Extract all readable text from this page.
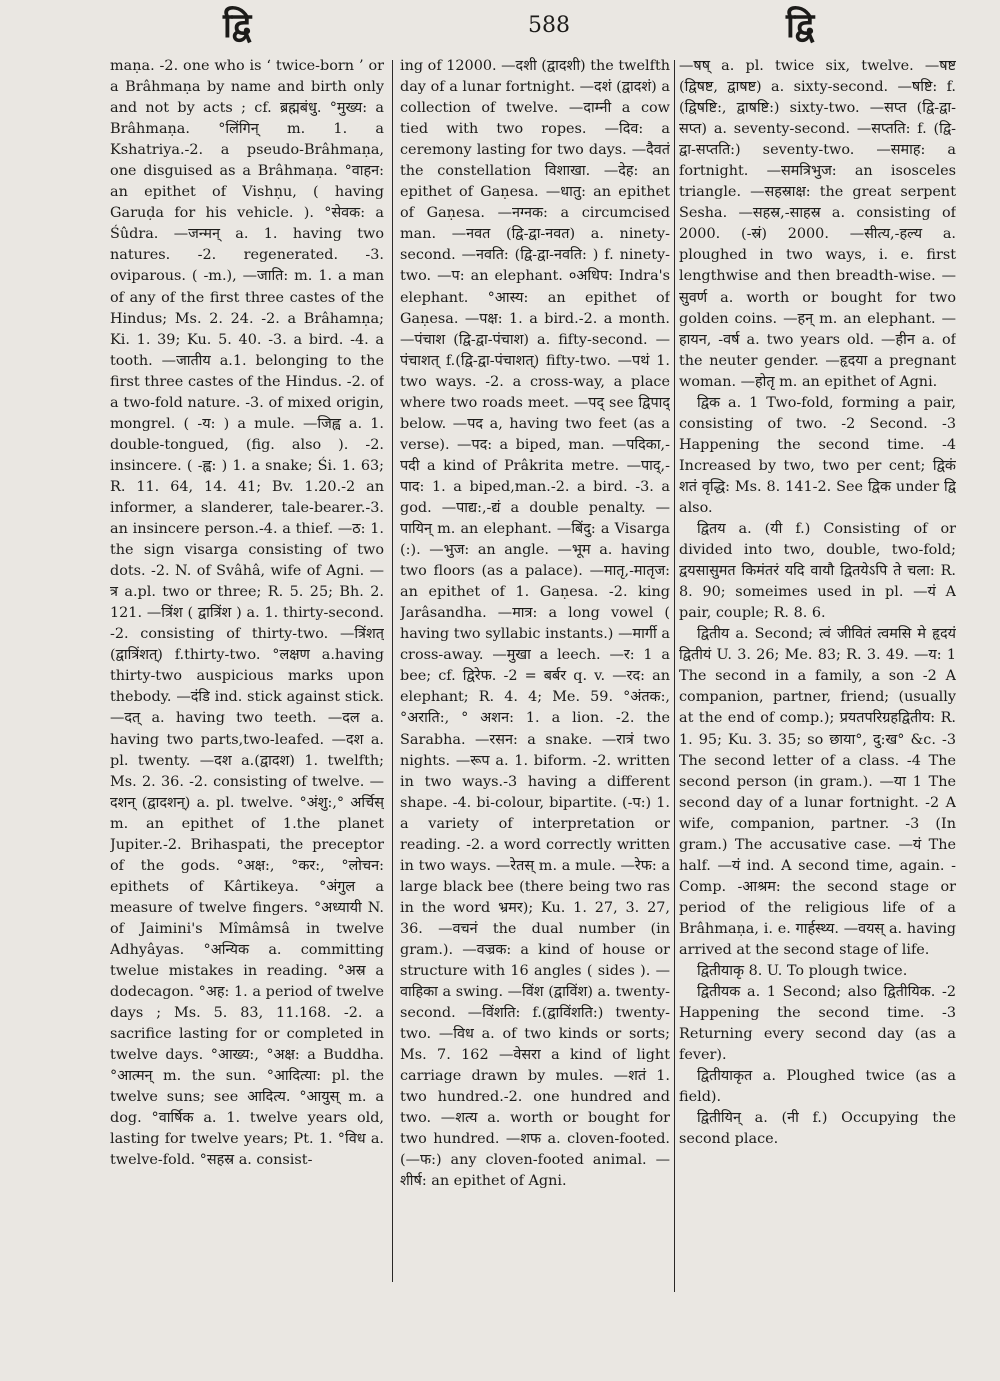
द्वि	588	द्वि

maṇa. -2. one who is ‘ twice-born ’ or a Brâhmaṇa by name and birth only and not by acts ; cf. ब्रह्मबंधु. °मुख्य: a Brâhmaṇa. °लिंगिन् m. 1. a Kshatriya.-2. a pseudo-Brâhmaṇa, one disguised as a Brâhmaṇa. °वाहन: an epithet of Vishṇu, ( having Garuḍa for his vehicle. ). °सेवक: a Śûdra. —जन्मन् a. 1. having two natures. -2. regenerated. -3. oviparous. ( -m.), —जाति: m. 1. a man of any of the first three castes of the Hindus; Ms. 2. 24. -2. a Brâhamṇa; Ki. 1. 39; Ku. 5. 40. -3. a bird. -4. a tooth. —जातीय a.1. belonging to the first three castes of the Hindus. -2. of a two-fold nature. -3. of mixed origin, mongrel. ( -य: ) a mule. —जिह्व a. 1. double-tongued, (fig. also ). -2. insincere. ( -ह्व: ) 1. a snake; Śi. 1. 63; R. 11. 64, 14. 41; Bv. 1.20.-2 an informer, a slanderer, tale-bearer.-3. an insincere person.-4. a thief. —ठ: 1. the sign visarga consisting of two dots. -2. N. of Svâhâ, wife of Agni. —त्र a.pl. two or three; R. 5. 25; Bh. 2. 121. —त्रिंश ( द्वात्रिंश ) a. 1. thirty-second. -2. consisting of thirty-two. —त्रिंशत् (द्वात्रिंशत्) f.thirty-two. °लक्षण a.having thirty-two auspicious marks upon thebody. —दंडि ind. stick against stick. —दत् a. having two teeth. —दल a. having two parts,two-leafed. —दश a. pl. twenty. —दश a.(द्वादश) 1. twelfth; Ms. 2. 36. -2. consisting of twelve. —दशन् (द्वादशन्) a. pl. twelve. °अंशु:,° अर्चिस् m. an epithet of 1.the planet Jupiter.-2. Brihaspati, the preceptor of the gods. °अक्ष:, °कर:, °लोचन: epithets of Kârtikeya. °अंगुल a measure of twelve fingers. °अध्यायी N. of Jaimini's Mîmâmsâ in twelve Adhyâyas. °अन्यिक a. committing twelue mistakes in reading. °अस्र a dodecagon. °अह: 1. a period of twelve days ; Ms. 5. 83, 11.168. -2. a sacrifice lasting for or completed in twelve days. °आख्य:, °अक्ष: a Buddha. °आत्मन् m. the sun. °आदित्या: pl. the twelve suns; see आदित्य. °आयुस् m. a dog. °वार्षिक a. 1. twelve years old, lasting for twelve years; Pt. 1. °विध a. twelve-fold. °सहस्र a. consist-

ing of 12000. —दशी (द्वादशी) the twelfth day of a lunar fortnight. —दशं (द्वादशं) a collection of twelve. —दाम्नी a cow tied with two ropes. —दिव: a ceremony lasting for two days. —दैवतं the constellation विशाखा. —देह: an epithet of Gaṇesa. —धातु: an epithet of Gaṇesa. —नग्नक: a circumcised man. —नवत (द्वि-द्वा-नवत) a. ninety-second. —नवति: (द्वि-द्वा-नवति: ) f. ninety-two. —प: an elephant. ०अधिप: Indra's elephant. °आस्य: an epithet of Gaṇesa. —पक्ष: 1. a bird.-2. a month. —पंचाश (द्वि-द्वा-पंचाश) a. fifty-second. —पंचाशत् f.(द्वि-द्वा-पंचाशत्) fifty-two. —पथं 1. two ways. -2. a cross-way, a place where two roads meet. —पद् see द्विपाद् below. —पद a, having two feet (as a verse). —पद: a biped, man. —पदिका,-पदी a kind of Prâkrita metre. —पाद्,-पाद: 1. a biped,man.-2. a bird. -3. a god. —पाद्य:,-द्यं a double penalty. —पायिन् m. an elephant. —बिंदु: a Visarga (:). —भुज: an angle. —भूम a. having two floors (as a palace). —मातृ,-मातृज: an epithet of 1. Gaṇesa. -2. king Jarâsandha. —मात्र: a long vowel ( having two syllabic instants.) —मार्गी a cross-away. —मुखा a leech. —र: 1 a bee; cf. द्विरेफ. -2 = बर्बर q. v. —रद: an elephant; R. 4. 4; Me. 59. °अंतक:, °अराति:, ° अशन: 1. a lion. -2. the Sarabha. —रसन: a snake. —रात्रं two nights. —रूप a. 1. biform. -2. written in two ways.-3 having a different shape. -4. bi-colour, bipartite. (-प:) 1. a variety of interpretation or reading. -2. a word correctly written in two ways. —रेतस् m. a mule. —रेफ: a large black bee (there being two ras in the word भ्रमर); Ku. 1. 27, 3. 27, 36. —वचनं the dual number (in gram.). —वज्रक: a kind of house or structure with 16 angles ( sides ). —वाहिका a swing. —विंश (द्वाविंश) a. twenty-second. —विंशति: f.(द्वाविंशति:) twenty-two. —विध a. of two kinds or sorts; Ms. 7. 162 —वेसरा a kind of light carriage drawn by mules. —शतं 1. two hundred.-2. one hundred and two. —शत्य a. worth or bought for two hundred. —शफ a. cloven-footed. (—फ:) any cloven-footed animal. —शीर्ष: an epithet of Agni.

—षष् a. pl. twice six, twelve. —षष्ट (द्विषष्ट, द्वाषष्ट) a. sixty-second. —षष्टि: f. (द्विषष्टि:, द्वाषष्टि:) sixty-two. —सप्त (द्वि-द्वा-सप्त) a. seventy-second. —सप्तति: f. (द्वि-द्वा-सप्तति:) seventy-two. —समाह: a fortnight. —समत्रिभुज: an isosceles triangle. —सहस्राक्ष: the great serpent Sesha. —सहस्र,-साहस्र a. consisting of 2000. (-स्रं) 2000. —सीत्य,-हल्य a. ploughed in two ways, i. e. first lengthwise and then breadth-wise. —सुवर्ण a. worth or bought for two golden coins. —हन् m. an elephant. —हायन, -वर्ष a. two years old. —हीन a. of the neuter gender. —हृदया a pregnant woman. —होतृ m. an epithet of Agni.

द्विक a. 1 Two-fold, forming a pair, consisting of two. -2 Second. -3 Happening the second time. -4 Increased by two, two per cent; द्विकं शतं वृद्धि: Ms. 8. 141-2. See द्विक under द्वि also.

द्वितय a. (यी f.) Consisting of or divided into two, double, two-fold; द्वयसासुमत किमंतरं यदि वायौ द्वितयेऽपि ते चला: R. 8. 90; someimes used in pl. —यं A pair, couple; R. 8. 6.

द्वितीय a. Second; त्वं जीवितं त्वमसि मे हृदयं द्वितीयं U. 3. 26; Me. 83; R. 3. 49. —य: 1 The second in a family, a son -2 A companion, partner, friend; (usually at the end of comp.); प्रयतपरिग्रहद्वितीय: R. 1. 95; Ku. 3. 35; so छाया°, दु:ख° &c. -3 The second letter of a class. -4 The second person (in gram.). —या 1 The second day of a lunar fortnight. -2 A wife, companion, partner. -3 (In gram.) The accusative case. —यं The half. —यं ind. A second time, again. -Comp. -आश्रम: the second stage or period of the religious life of a Brâhmaṇa, i. e. गार्हस्थ्य. —वयस् a. having arrived at the second stage of life.

द्वितीयाकृ 8. U. To plough twice.

द्वितीयक a. 1 Second; also द्वितीयिक. -2 Happening the second time. -3 Returning every second day (as a fever).

द्वितीयाकृत a. Ploughed twice (as a field).

द्वितीयिन् a. (नी f.) Occupying the second place.
